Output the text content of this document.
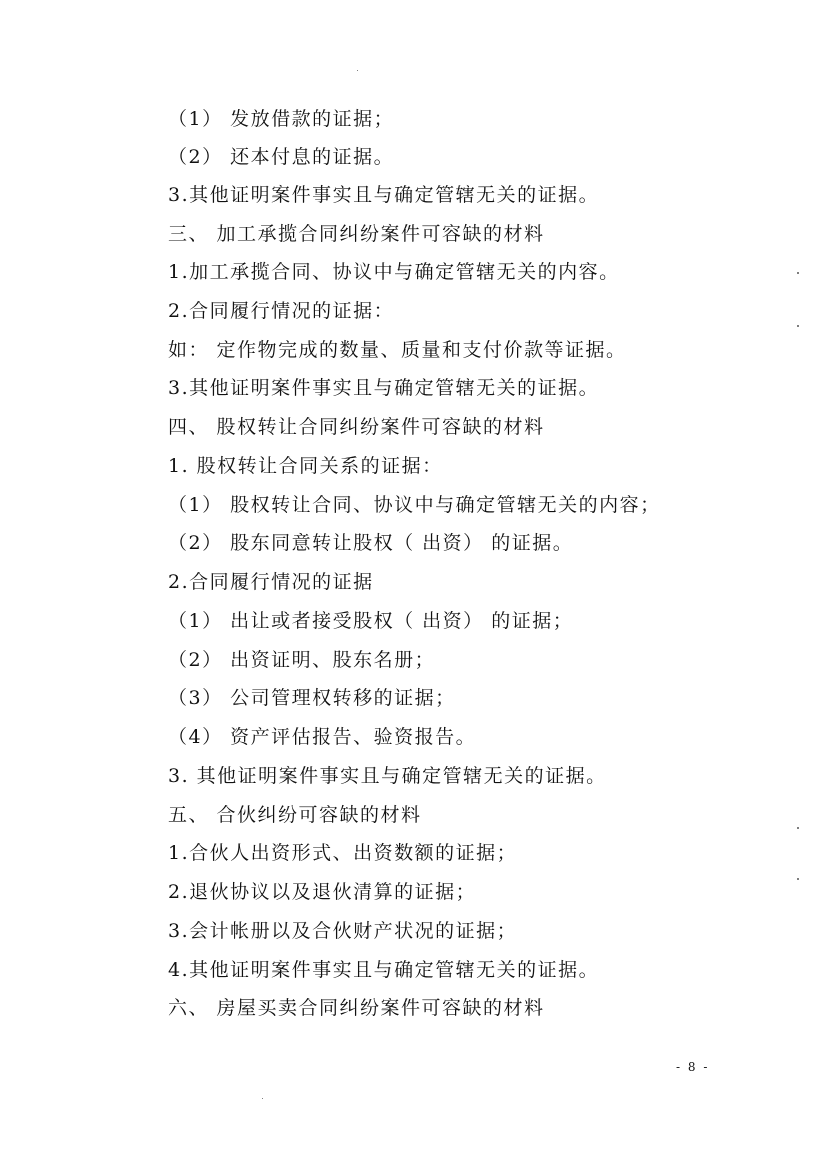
（1） 发放借款的证据；
（2） 还本付息的证据。
3.其他证明案件事实且与确定管辖无关的证据。
三、 加工承揽合同纠纷案件可容缺的材料
1.加工承揽合同、协议中与确定管辖无关的内容。
2.合同履行情况的证据：
如： 定作物完成的数量、质量和支付价款等证据。
3.其他证明案件事实且与确定管辖无关的证据。
四、 股权转让合同纠纷案件可容缺的材料
1. 股权转让合同关系的证据：
（1） 股权转让合同、协议中与确定管辖无关的内容；
（2） 股东同意转让股权（ 出资） 的证据。
2.合同履行情况的证据
（1） 出让或者接受股权（ 出资） 的证据；
（2） 出资证明、股东名册；
（3） 公司管理权转移的证据；
（4） 资产评估报告、验资报告。
3. 其他证明案件事实且与确定管辖无关的证据。
五、 合伙纠纷可容缺的材料
1.合伙人出资形式、出资数额的证据；
2.退伙协议以及退伙清算的证据；
3.会计帐册以及合伙财产状况的证据；
4.其他证明案件事实且与确定管辖无关的证据。
六、 房屋买卖合同纠纷案件可容缺的材料
- 8 -
